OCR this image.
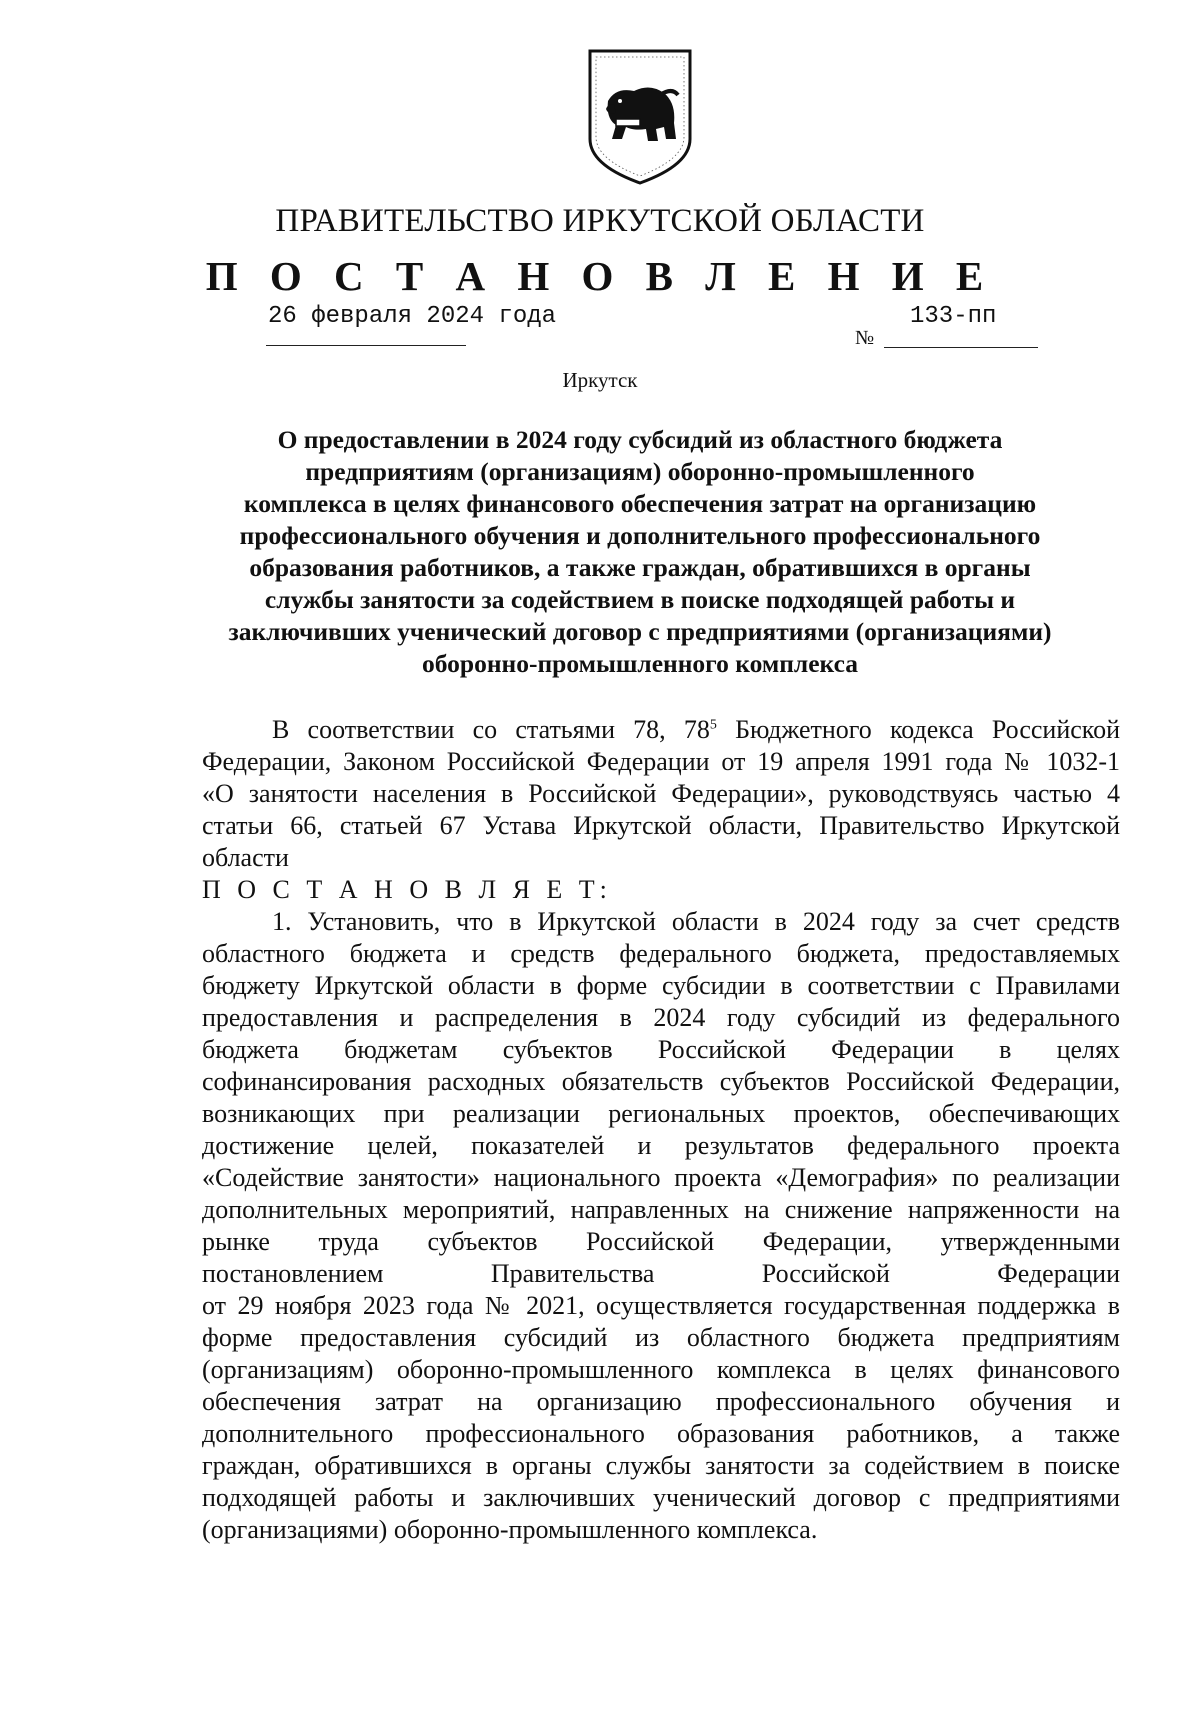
ПРАВИТЕЛЬСТВО ИРКУТСКОЙ ОБЛАСТИ
П О С Т А Н О В Л Е Н И Е
26 февраля 2024 года
№
133-пп
Иркутск
О предоставлении в 2024 году субсидий из областного бюджета
предприятиям (организациям) оборонно-промышленного
комплекса в целях финансового обеспечения затрат на организацию
профессионального обучения и дополнительного профессионального
образования работников, а также граждан, обратившихся в органы
службы занятости за содействием в поиске подходящей работы и
заключивших ученический договор с предприятиями (организациями)
оборонно-промышленного комплекса
В соответствии со статьями 78, $78^5$ Бюджетного кодекса Российской
Федерации, Законом Российской Федерации от 19 апреля 1991 года № 1032-1
«О занятости населения в Российской Федерации», руководствуясь частью 4
статьи 66, статьей 67 Устава Иркутской области, Правительство Иркутской
области
П О С Т А Н О В Л Я Е Т:
1. Установить, что в Иркутской области в 2024 году за счет средств
областного бюджета и средств федерального бюджета, предоставляемых
бюджету Иркутской области в форме субсидии в соответствии с Правилами
предоставления и распределения в 2024 году субсидий из федерального
бюджета бюджетам субъектов Российской Федерации в целях
софинансирования расходных обязательств субъектов Российской Федерации,
возникающих при реализации региональных проектов, обеспечивающих
достижение целей, показателей и результатов федерального проекта
«Содействие занятости» национального проекта «Демография» по реализации
дополнительных мероприятий, направленных на снижение напряженности на
рынке труда субъектов Российской Федерации, утвержденными
постановлением Правительства Российской Федерации
от 29 ноября 2023 года № 2021, осуществляется государственная поддержка в
форме предоставления субсидий из областного бюджета предприятиям
(организациям) оборонно-промышленного комплекса в целях финансового
обеспечения затрат на организацию профессионального обучения и
дополнительного профессионального образования работников, а также
граждан, обратившихся в органы службы занятости за содействием в поиске
подходящей работы и заключивших ученический договор с предприятиями
(организациями) оборонно-промышленного комплекса.
